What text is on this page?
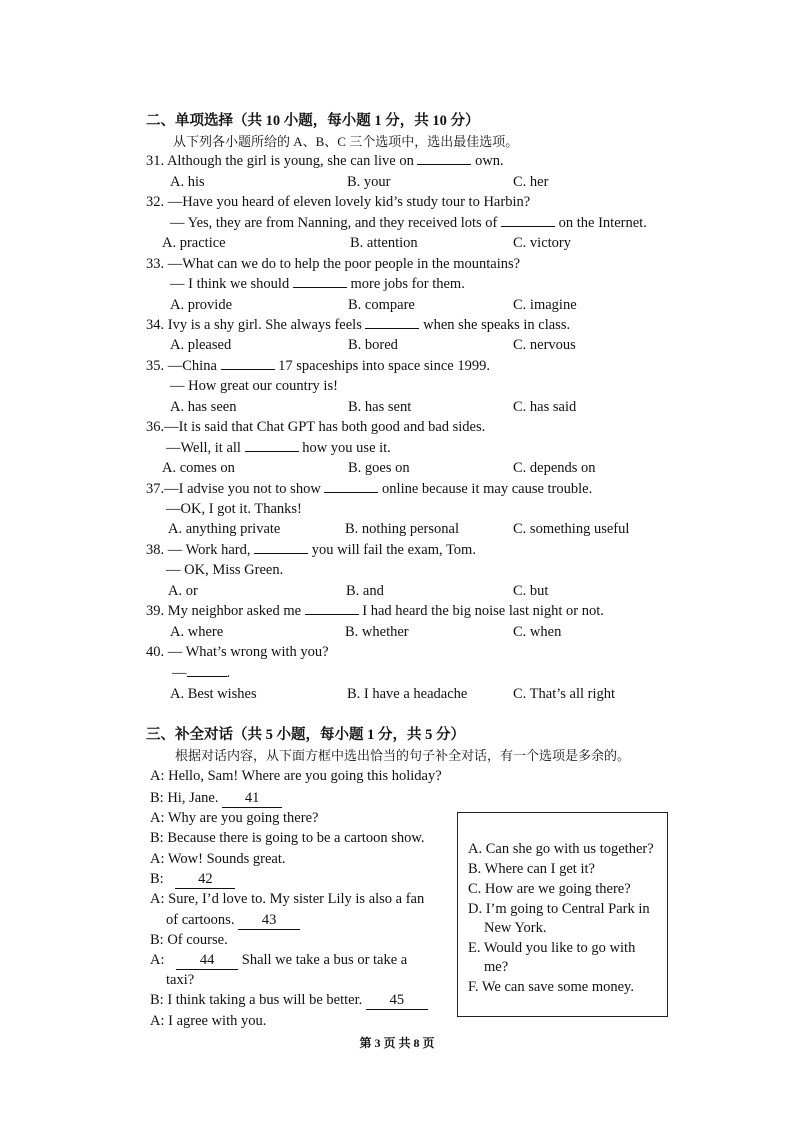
二、单项选择（共 10 小题，每小题 1 分，共 10 分）
从下列各小题所给的 A、B、C 三个选项中，选出最佳选项。
31. Although the girl is young, she can live on	own.
A. his	B. your	C. her
32. —Have you heard of eleven lovely kid’s study tour to Harbin?
— Yes, they are from Nanning, and they received lots of	on the Internet.
A. practice	B. attention	C. victory
33. —What can we do to help the poor people in the mountains?
— I think we should	more jobs for them.
A. provide	B. compare	C. imagine
34. Ivy is a shy girl. She always feels	when she speaks in class.
A. pleased	B. bored	C. nervous
35. —China	17 spaceships into space since 1999.
— How great our country is!
A. has seen	B. has sent	C. has said
36.—It is said that Chat GPT has both good and bad sides.
—Well, it all	how you use it.
A. comes on	B. goes on	C. depends on
37.—I advise you not to show	online because it may cause trouble.
—OK, I got it. Thanks!
A. anything private	B. nothing personal	C. something useful
38. — Work hard,	you will fail the exam, Tom.
— OK, Miss Green.
A. or	B. and	C. but
39. My neighbor asked me	I had heard the big noise last night or not.
A. where	B. whether	C. when
40. — What’s wrong with you?
—	.
A. Best wishes	B. I have a headache	C. That’s all right
三、补全对话（共 5 小题，每小题 1 分，共 5 分）
根据对话内容，从下面方框中选出恰当的句子补全对话，有一个选项是多余的。
A: Hello, Sam! Where are you going this holiday?
B: Hi, Jane. 41
A: Why are you going there?
B: Because there is going to be a cartoon show.
A: Wow! Sounds great.
B: 42
A: Sure, I’d love to. My sister Lily is also a fan
of cartoons. 43
B: Of course.
A: 44 Shall we take a bus or take a
taxi?
B: I think taking a bus will be better. 45
A: I agree with you.
A. Can she go with us together?
B. Where can I get it?
C. How are we going there?
D. I’m going to Central Park in
New York.
E. Would you like to go with
me?
F. We can save some money.
第 3 页 共 8 页
